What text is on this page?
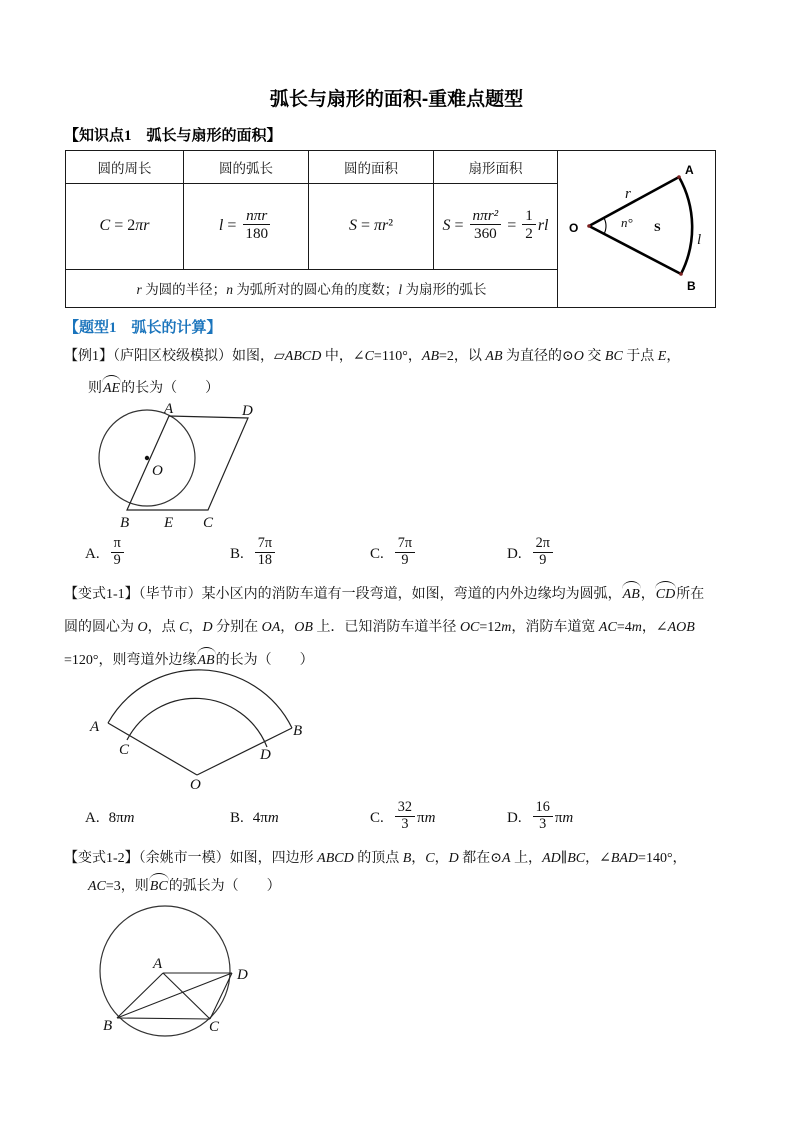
弧长与扇形的面积-重难点题型
【知识点1　弧长与扇形的面积】
圆的周长	圆的弧长	圆的面积	扇形面积	
O
A
B
r
n° S
l

C = 2πr	$l = \frac{\text{nπr}}{180}$	S = πr²	$S = \frac{\text{nπr²}}{360} = \frac{1}{2}$ rl
r 为圆的半径；n 为弧所对的圆心角的度数；l 为扇形的弧长				
【题型1　弧长的计算】
【例1】（庐阳区校级模拟）如图，▱ABCD 中，∠C=110°，AB=2，以 AB 为直径的⊙O 交 BC 于点 E，
则AE的长为（　　）
A	D
B E C
O
A. $\frac{\pi}{9}$	B. $\frac{7\pi}{18}$	C. $\frac{7\pi}{9}$	D. $\frac{2\pi}{9}$
【变式1-1】（毕节市）某小区内的消防车道有一段弯道，如图，弯道的内外边缘均为圆弧，AB，CD所在
圆的圆心为 O，点 C，D 分别在 OA，OB 上．已知消防车道半径 OC=12m，消防车道宽 AC=4m，∠AOB
=120°，则弯道外边缘AB的长为（　　）
A	B
C	D
O
A. 8πm	B. 4πm	C. $\frac{32}{3}$ πm	D. $\frac{16}{3}$ πm
【变式1-2】（余姚市一模）如图，四边形 ABCD 的顶点 B，C，D 都在⊙A 上，AD∥BC，∠BAD=140°，
AC=3，则BC的弧长为（　　）
A
D
B	C
